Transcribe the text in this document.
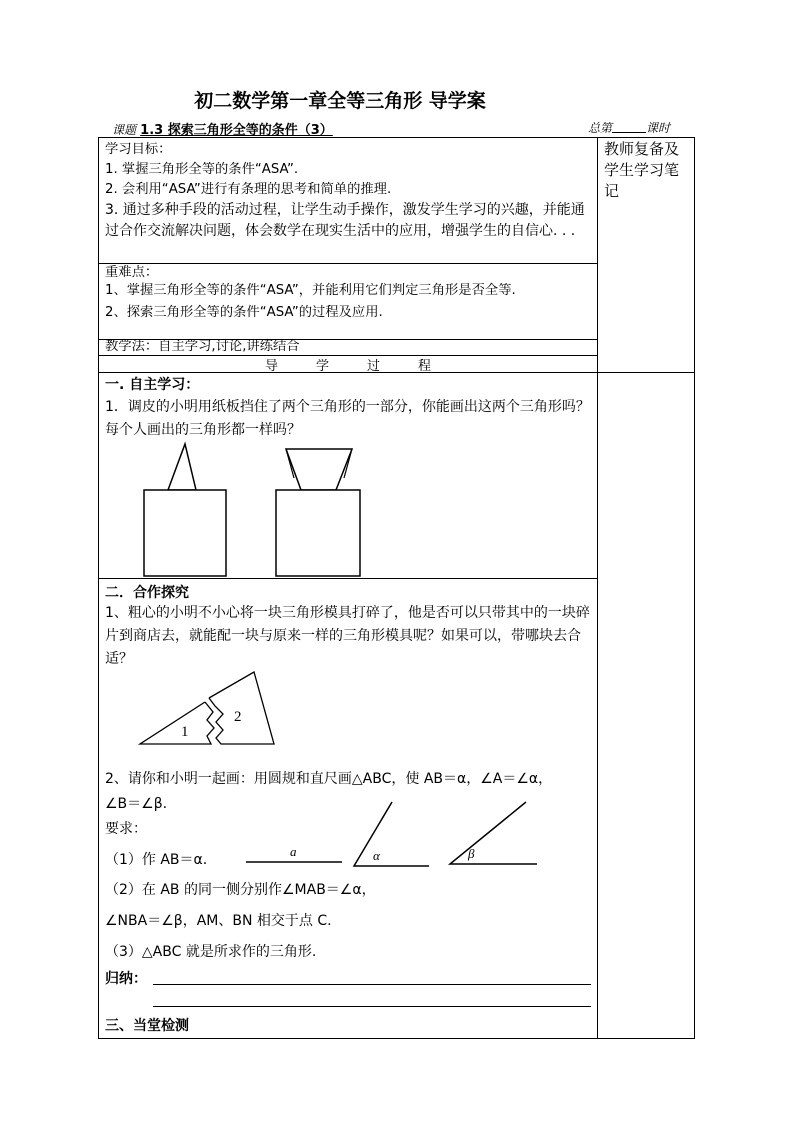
初二数学第一章全等三角形 导学案
课题 1.3 探索三角形全等的条件（3）	总第	课时
教师复备及学生学习笔记
学习目标：
1. 掌握三角形全等的条件“ASA”.
2. 会利用“ASA”进行有条理的思考和简单的推理.
3. 通过多种手段的活动过程，让学生动手操作，激发学生学习的兴趣，并能通过合作交流解决问题，体会数学在现实生活中的应用，增强学生的自信心. . .
重难点：
1、掌握三角形全等的条件“ASA”，并能利用它们判定三角形是否全等.
2、探索三角形全等的条件“ASA”的过程及应用.
教学法：自主学习,讨论,讲练结合
导	学	过	程
一. 自主学习：
1．调皮的小明用纸板挡住了两个三角形的一部分，你能画出这两个三角形吗？每个人画出的三角形都一样吗？
二．合作探究
1、粗心的小明不小心将一块三角形模具打碎了，他是否可以只带其中的一块碎片到商店去，就能配一块与原来一样的三角形模具呢？如果可以，带哪块去合适？
1
2
2、请你和小明一起画：用圆规和直尺画△ABC，使 AB＝α，∠A＝∠α，
∠B＝∠β.
要求：
（1）作 AB＝α.
a	α	β
（2）在 AB 的同一侧分别作∠MAB＝∠α，
∠NBA＝∠β，AM、BN 相交于点 C.
（3）△ABC 就是所求作的三角形.
归纳：
三、当堂检测
